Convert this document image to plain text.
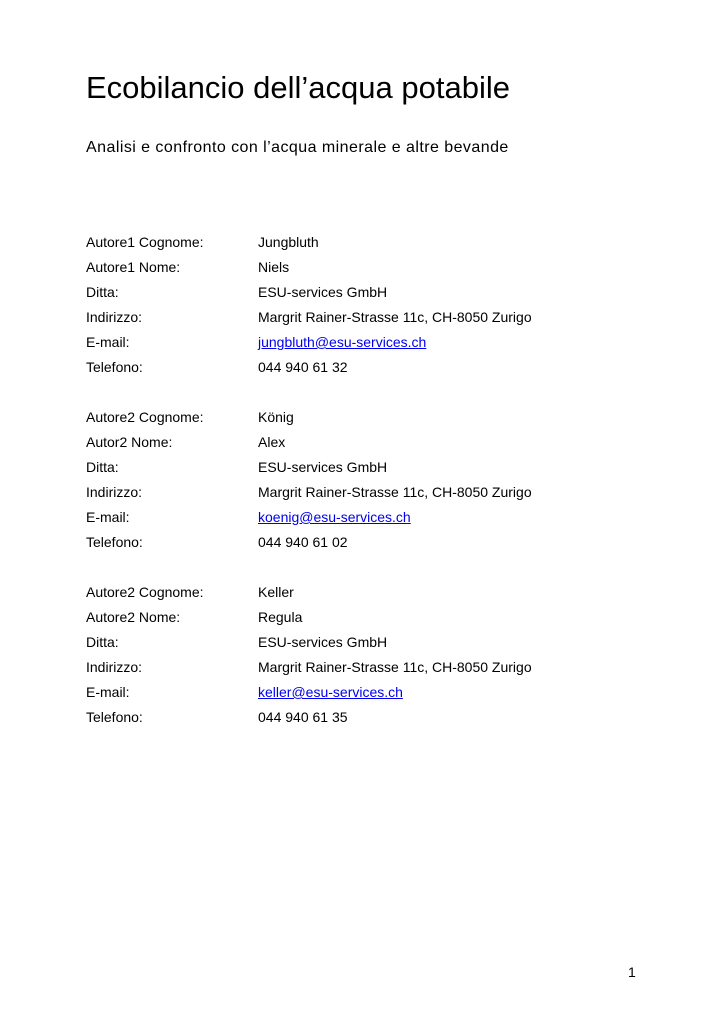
Ecobilancio dell’acqua potabile
Analisi e confronto con l’acqua minerale e altre bevande
Autore1 Cognome:	Jungbluth
Autore1 Nome:	Niels
Ditta:	ESU-services GmbH
Indirizzo:	Margrit Rainer-Strasse 11c, CH-8050 Zurigo
E-mail:	jungbluth@esu-services.ch
Telefono:	044 940 61 32
Autore2 Cognome:	König
Autor2 Nome:	Alex
Ditta:	ESU-services GmbH
Indirizzo:	Margrit Rainer-Strasse 11c, CH-8050 Zurigo
E-mail:	koenig@esu-services.ch
Telefono:	044 940 61 02
Autore2 Cognome:	Keller
Autore2 Nome:	Regula
Ditta:	ESU-services GmbH
Indirizzo:	Margrit Rainer-Strasse 11c, CH-8050 Zurigo
E-mail:	keller@esu-services.ch
Telefono:	044 940 61 35
1
